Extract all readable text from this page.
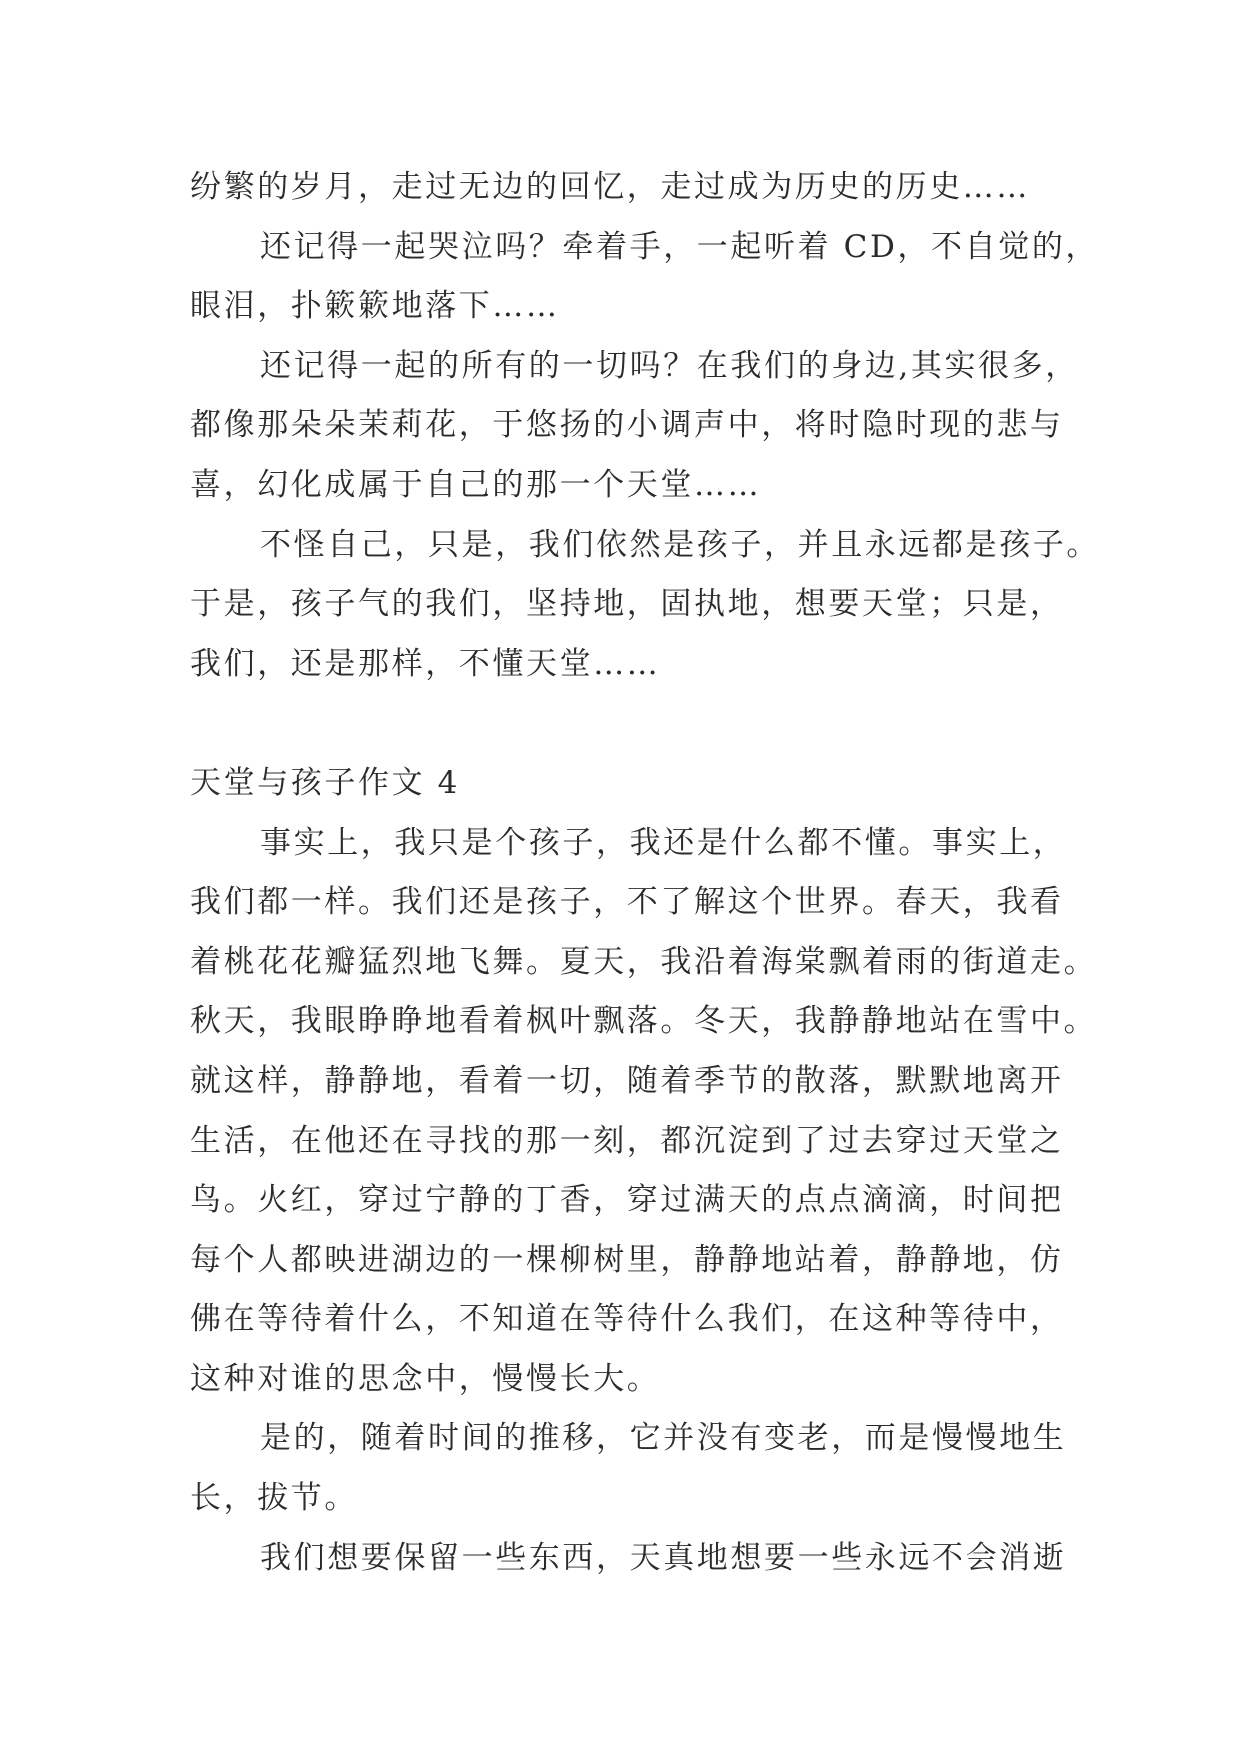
纷繁的岁月，走过无边的回忆，走过成为历史的历史……
还记得一起哭泣吗？牵着手，一起听着 CD，不自觉的，
眼泪，扑簌簌地落下……
还记得一起的所有的一切吗？在我们的身边,其实很多，
都像那朵朵茉莉花，于悠扬的小调声中，将时隐时现的悲与
喜，幻化成属于自己的那一个天堂……
不怪自己，只是，我们依然是孩子，并且永远都是孩子。
于是，孩子气的我们，坚持地，固执地，想要天堂；只是，
我们，还是那样，不懂天堂……
天堂与孩子作文 4
事实上，我只是个孩子，我还是什么都不懂。事实上，
我们都一样。我们还是孩子，不了解这个世界。春天，我看
着桃花花瓣猛烈地飞舞。夏天，我沿着海棠飘着雨的街道走。
秋天，我眼睁睁地看着枫叶飘落。冬天，我静静地站在雪中。
就这样，静静地，看着一切，随着季节的散落，默默地离开
生活，在他还在寻找的那一刻，都沉淀到了过去穿过天堂之
鸟。火红，穿过宁静的丁香，穿过满天的点点滴滴，时间把
每个人都映进湖边的一棵柳树里，静静地站着，静静地，仿
佛在等待着什么，不知道在等待什么我们，在这种等待中，
这种对谁的思念中，慢慢长大。
是的，随着时间的推移，它并没有变老，而是慢慢地生
长，拔节。
我们想要保留一些东西，天真地想要一些永远不会消逝
